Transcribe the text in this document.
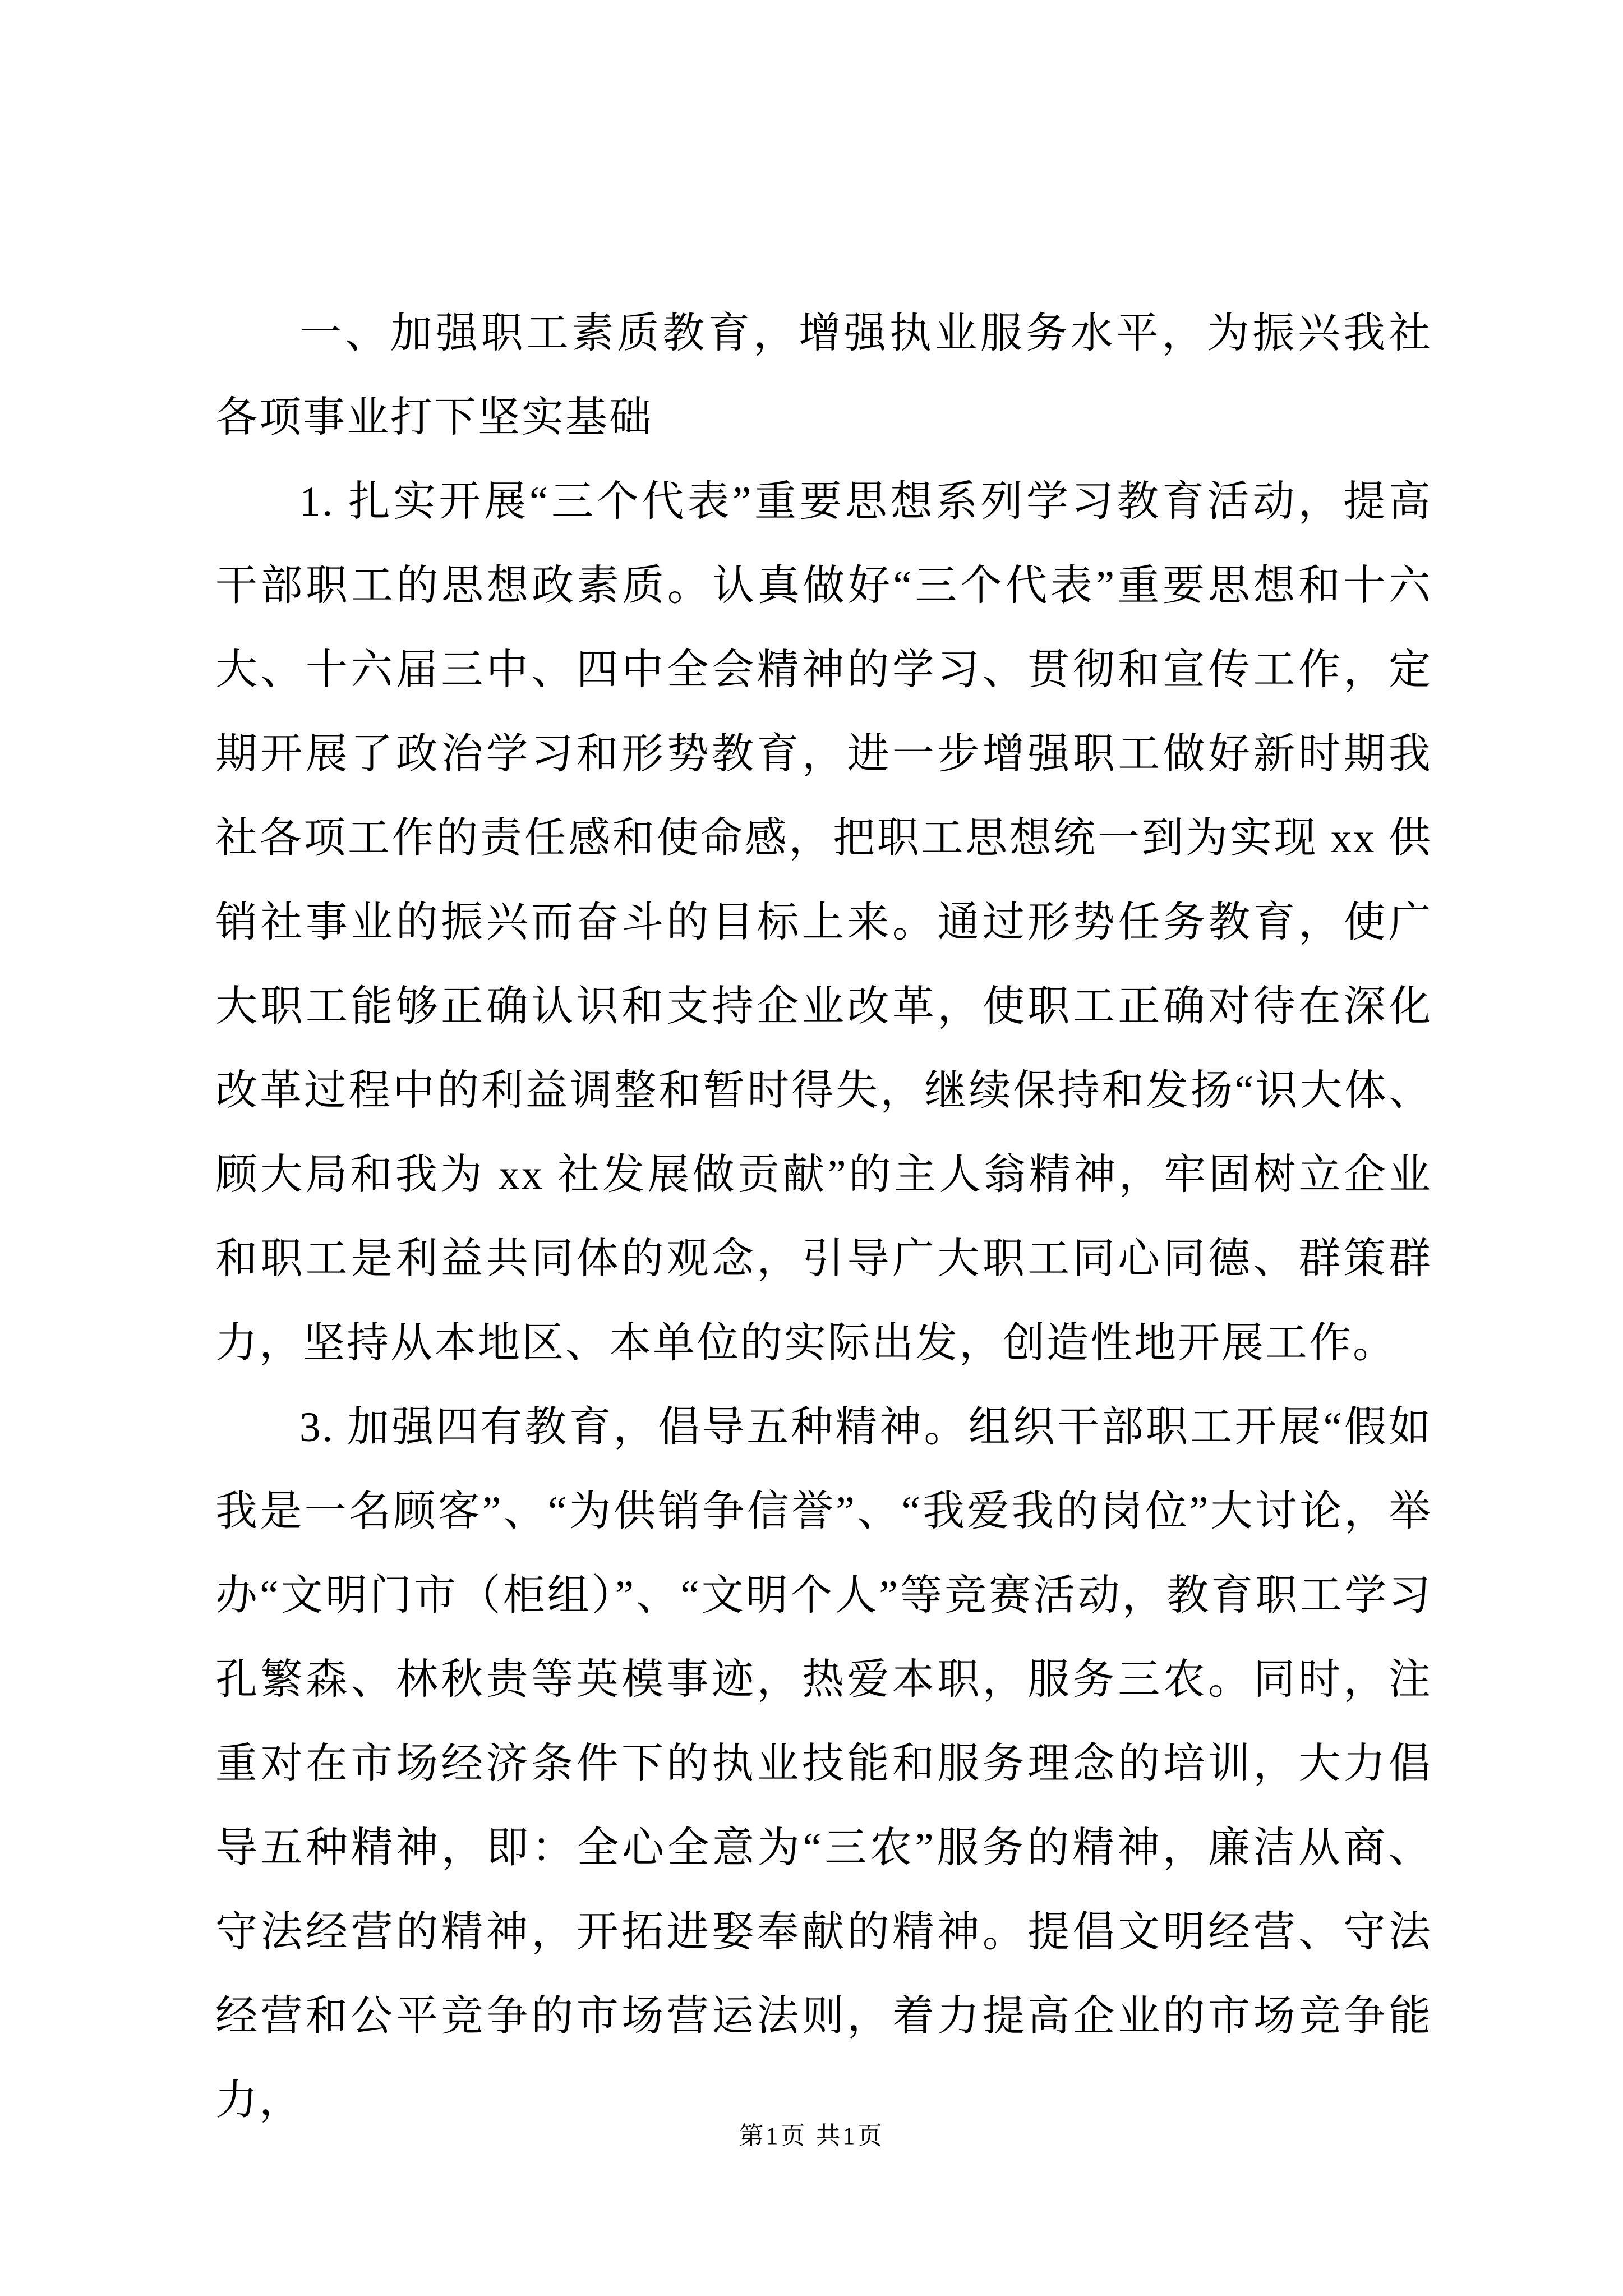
一、加强职工素质教育，增强执业服务水平，为振兴我社各项事业打下坚实基础

1. 扎实开展“三个代表”重要思想系列学习教育活动，提高干部职工的思想政素质。认真做好“三个代表”重要思想和十六大、十六届三中、四中全会精神的学习、贯彻和宣传工作，定期开展了政治学习和形势教育，进一步增强职工做好新时期我社各项工作的责任感和使命感，把职工思想统一到为实现 xx 供销社事业的振兴而奋斗的目标上来。通过形势任务教育，使广大职工能够正确认识和支持企业改革，使职工正确对待在深化改革过程中的利益调整和暂时得失，继续保持和发扬“识大体、顾大局和我为 xx 社发展做贡献”的主人翁精神，牢固树立企业和职工是利益共同体的观念，引导广大职工同心同德、群策群力，坚持从本地区、本单位的实际出发，创造性地开展工作。

3. 加强四有教育，倡导五种精神。组织干部职工开展“假如我是一名顾客”、“为供销争信誉”、“我爱我的岗位”大讨论，举办“文明门市（柜组）”、“文明个人”等竞赛活动，教育职工学习孔繁森、林秋贵等英模事迹，热爱本职，服务三农。同时，注重对在市场经济条件下的执业技能和服务理念的培训，大力倡导五种精神，即：全心全意为“三农”服务的精神，廉洁从商、守法经营的精神，开拓进娶奉献的精神。提倡文明经营、守法经营和公平竞争的市场营运法则，着力提高企业的市场竞争能力，

第1页 共1页
